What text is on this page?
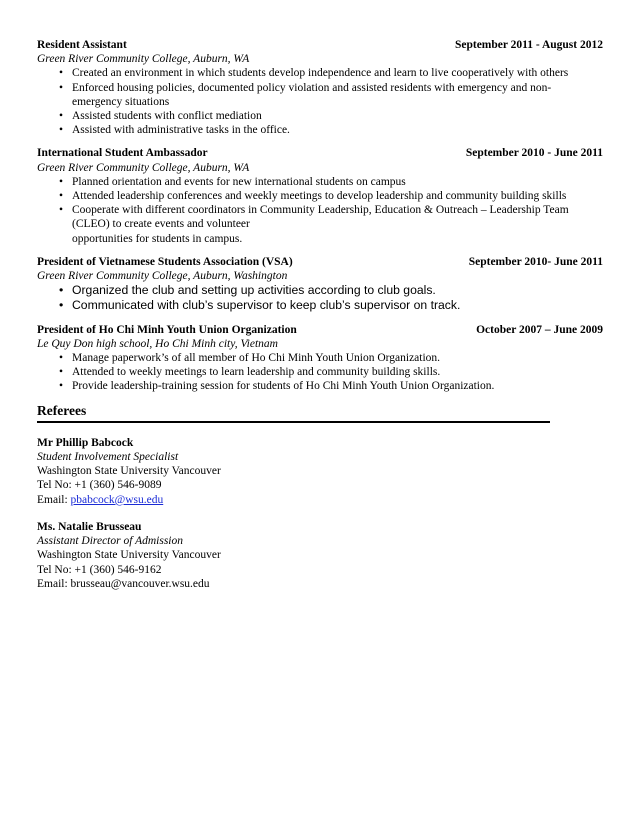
Resident Assistant	September 2011 - August 2012
Green River Community College, Auburn, WA
• Created an environment in which students develop independence and learn to live cooperatively with others
• Enforced housing policies, documented policy violation and assisted residents with emergency and non-
emergency situations
• Assisted students with conflict mediation
• Assisted with administrative tasks in the office.
International Student Ambassador	September 2010 - June 2011
Green River Community College, Auburn, WA
• Planned orientation and events for new international students on campus
• Attended leadership conferences and weekly meetings to develop leadership and community building skills
• Cooperate with different coordinators in Community Leadership, Education & Outreach – Leadership Team
(CLEO) to create events and volunteer
opportunities for students in campus.
President of Vietnamese Students Association (VSA)	September 2010- June 2011
Green River Community College, Auburn, Washington
• Organized the club and setting up activities according to club goals.
• Communicated with club’s supervisor to keep club’s supervisor on track.
President of Ho Chi Minh Youth Union Organization	October 2007 – June 2009
Le Quy Don high school, Ho Chi Minh city, Vietnam
• Manage paperwork’s of all member of Ho Chi Minh Youth Union Organization.
• Attended to weekly meetings to learn leadership and community building skills.
• Provide leadership-training session for students of Ho Chi Minh Youth Union Organization.
Referees
Mr Phillip Babcock
Student Involvement Specialist
Washington State University Vancouver
Tel No: +1 (360) 546-9089
Email: pbabcock@wsu.edu
Ms. Natalie Brusseau
Assistant Director of Admission
Washington State University Vancouver
Tel No: +1 (360) 546-9162
Email: brusseau@vancouver.wsu.edu
